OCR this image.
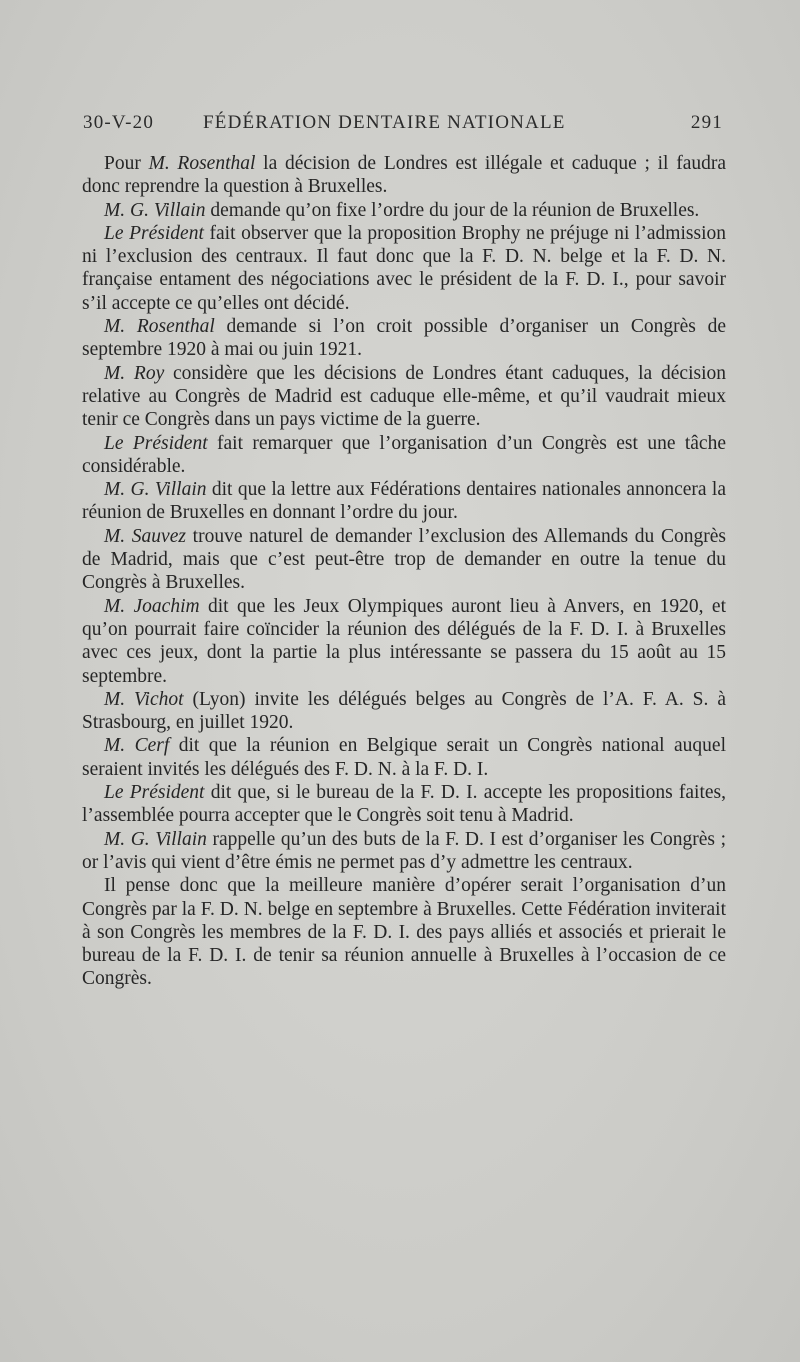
30-V-20	FÉDÉRATION DENTAIRE NATIONALE	291

Pour M. Rosenthal la décision de Londres est illégale et caduque ; il faudra donc reprendre la question à Bruxelles.

M. G. Villain demande qu’on fixe l’ordre du jour de la réunion de Bruxelles.

Le Président fait observer que la proposition Brophy ne préjuge ni l’admission ni l’exclusion des centraux. Il faut donc que la F. D. N. belge et la F. D. N. française entament des négociations avec le président de la F. D. I., pour savoir s’il accepte ce qu’elles ont décidé.

M. Rosenthal demande si l’on croit possible d’organiser un Congrès de septembre 1920 à mai ou juin 1921.

M. Roy considère que les décisions de Londres étant caduques, la décision relative au Congrès de Madrid est caduque elle-même, et qu’il vaudrait mieux tenir ce Congrès dans un pays victime de la guerre.

Le Président fait remarquer que l’organisation d’un Congrès est une tâche considérable.

M. G. Villain dit que la lettre aux Fédérations dentaires nationales annoncera la réunion de Bruxelles en donnant l’ordre du jour.

M. Sauvez trouve naturel de demander l’exclusion des Allemands du Congrès de Madrid, mais que c’est peut-être trop de demander en outre la tenue du Congrès à Bruxelles.

M. Joachim dit que les Jeux Olympiques auront lieu à Anvers, en 1920, et qu’on pourrait faire coïncider la réunion des délégués de la F. D. I. à Bruxelles avec ces jeux, dont la partie la plus intéressante se passera du 15 août au 15 septembre.

M. Vichot (Lyon) invite les délégués belges au Congrès de l’A. F. A. S. à Strasbourg, en juillet 1920.

M. Cerf dit que la réunion en Belgique serait un Congrès national auquel seraient invités les délégués des F. D. N. à la F. D. I.

Le Président dit que, si le bureau de la F. D. I. accepte les propositions faites, l’assemblée pourra accepter que le Congrès soit tenu à Madrid.

M. G. Villain rappelle qu’un des buts de la F. D. I est d’organiser les Congrès ; or l’avis qui vient d’être émis ne permet pas d’y admettre les centraux.

Il pense donc que la meilleure manière d’opérer serait l’organisation d’un Congrès par la F. D. N. belge en septembre à Bruxelles. Cette Fédération inviterait à son Congrès les membres de la F. D. I. des pays alliés et associés et prierait le bureau de la F. D. I. de tenir sa réunion annuelle à Bruxelles à l’occasion de ce Congrès.
